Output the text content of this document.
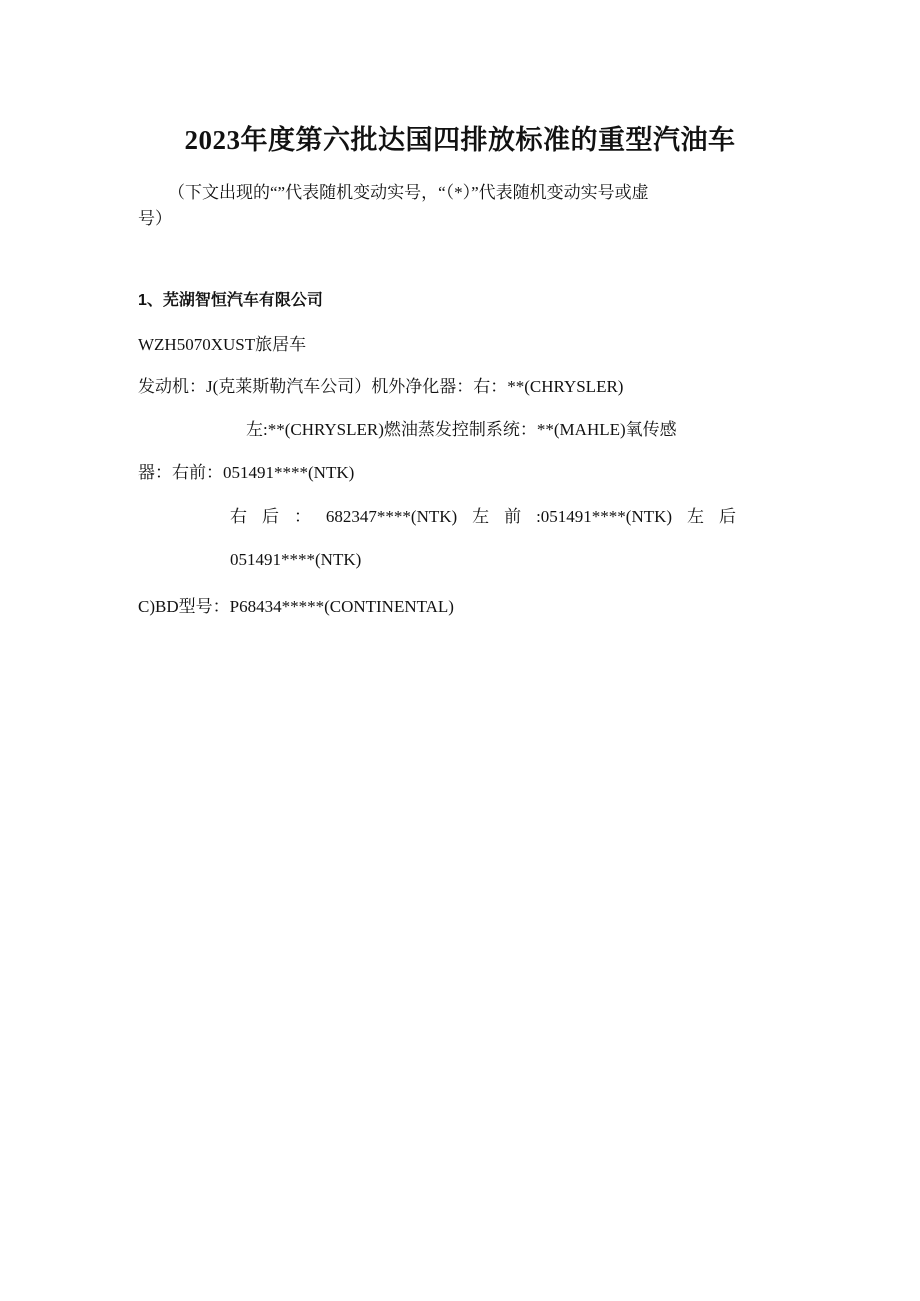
2023年度第六批达国四排放标准的重型汽油车
（下文出现的“”代表随机变动实号，“（*）”代表随机变动实号或虚
号）
1、芜湖智恒汽车有限公司
WZH5070XUST旅居车
发动机：J(克莱斯勒汽车公司）机外净化器：右：**(CHRYSLER)
左:**(CHRYSLER)燃油蒸发控制系统：**(MAHLE)氧传感
器：右前：051491****(NTK)
右 后 ： 682347****(NTK) 左 前 :051491****(NTK) 左 后
051491****(NTK)
C)BD型号：P68434*****(CONTINENTAL)
